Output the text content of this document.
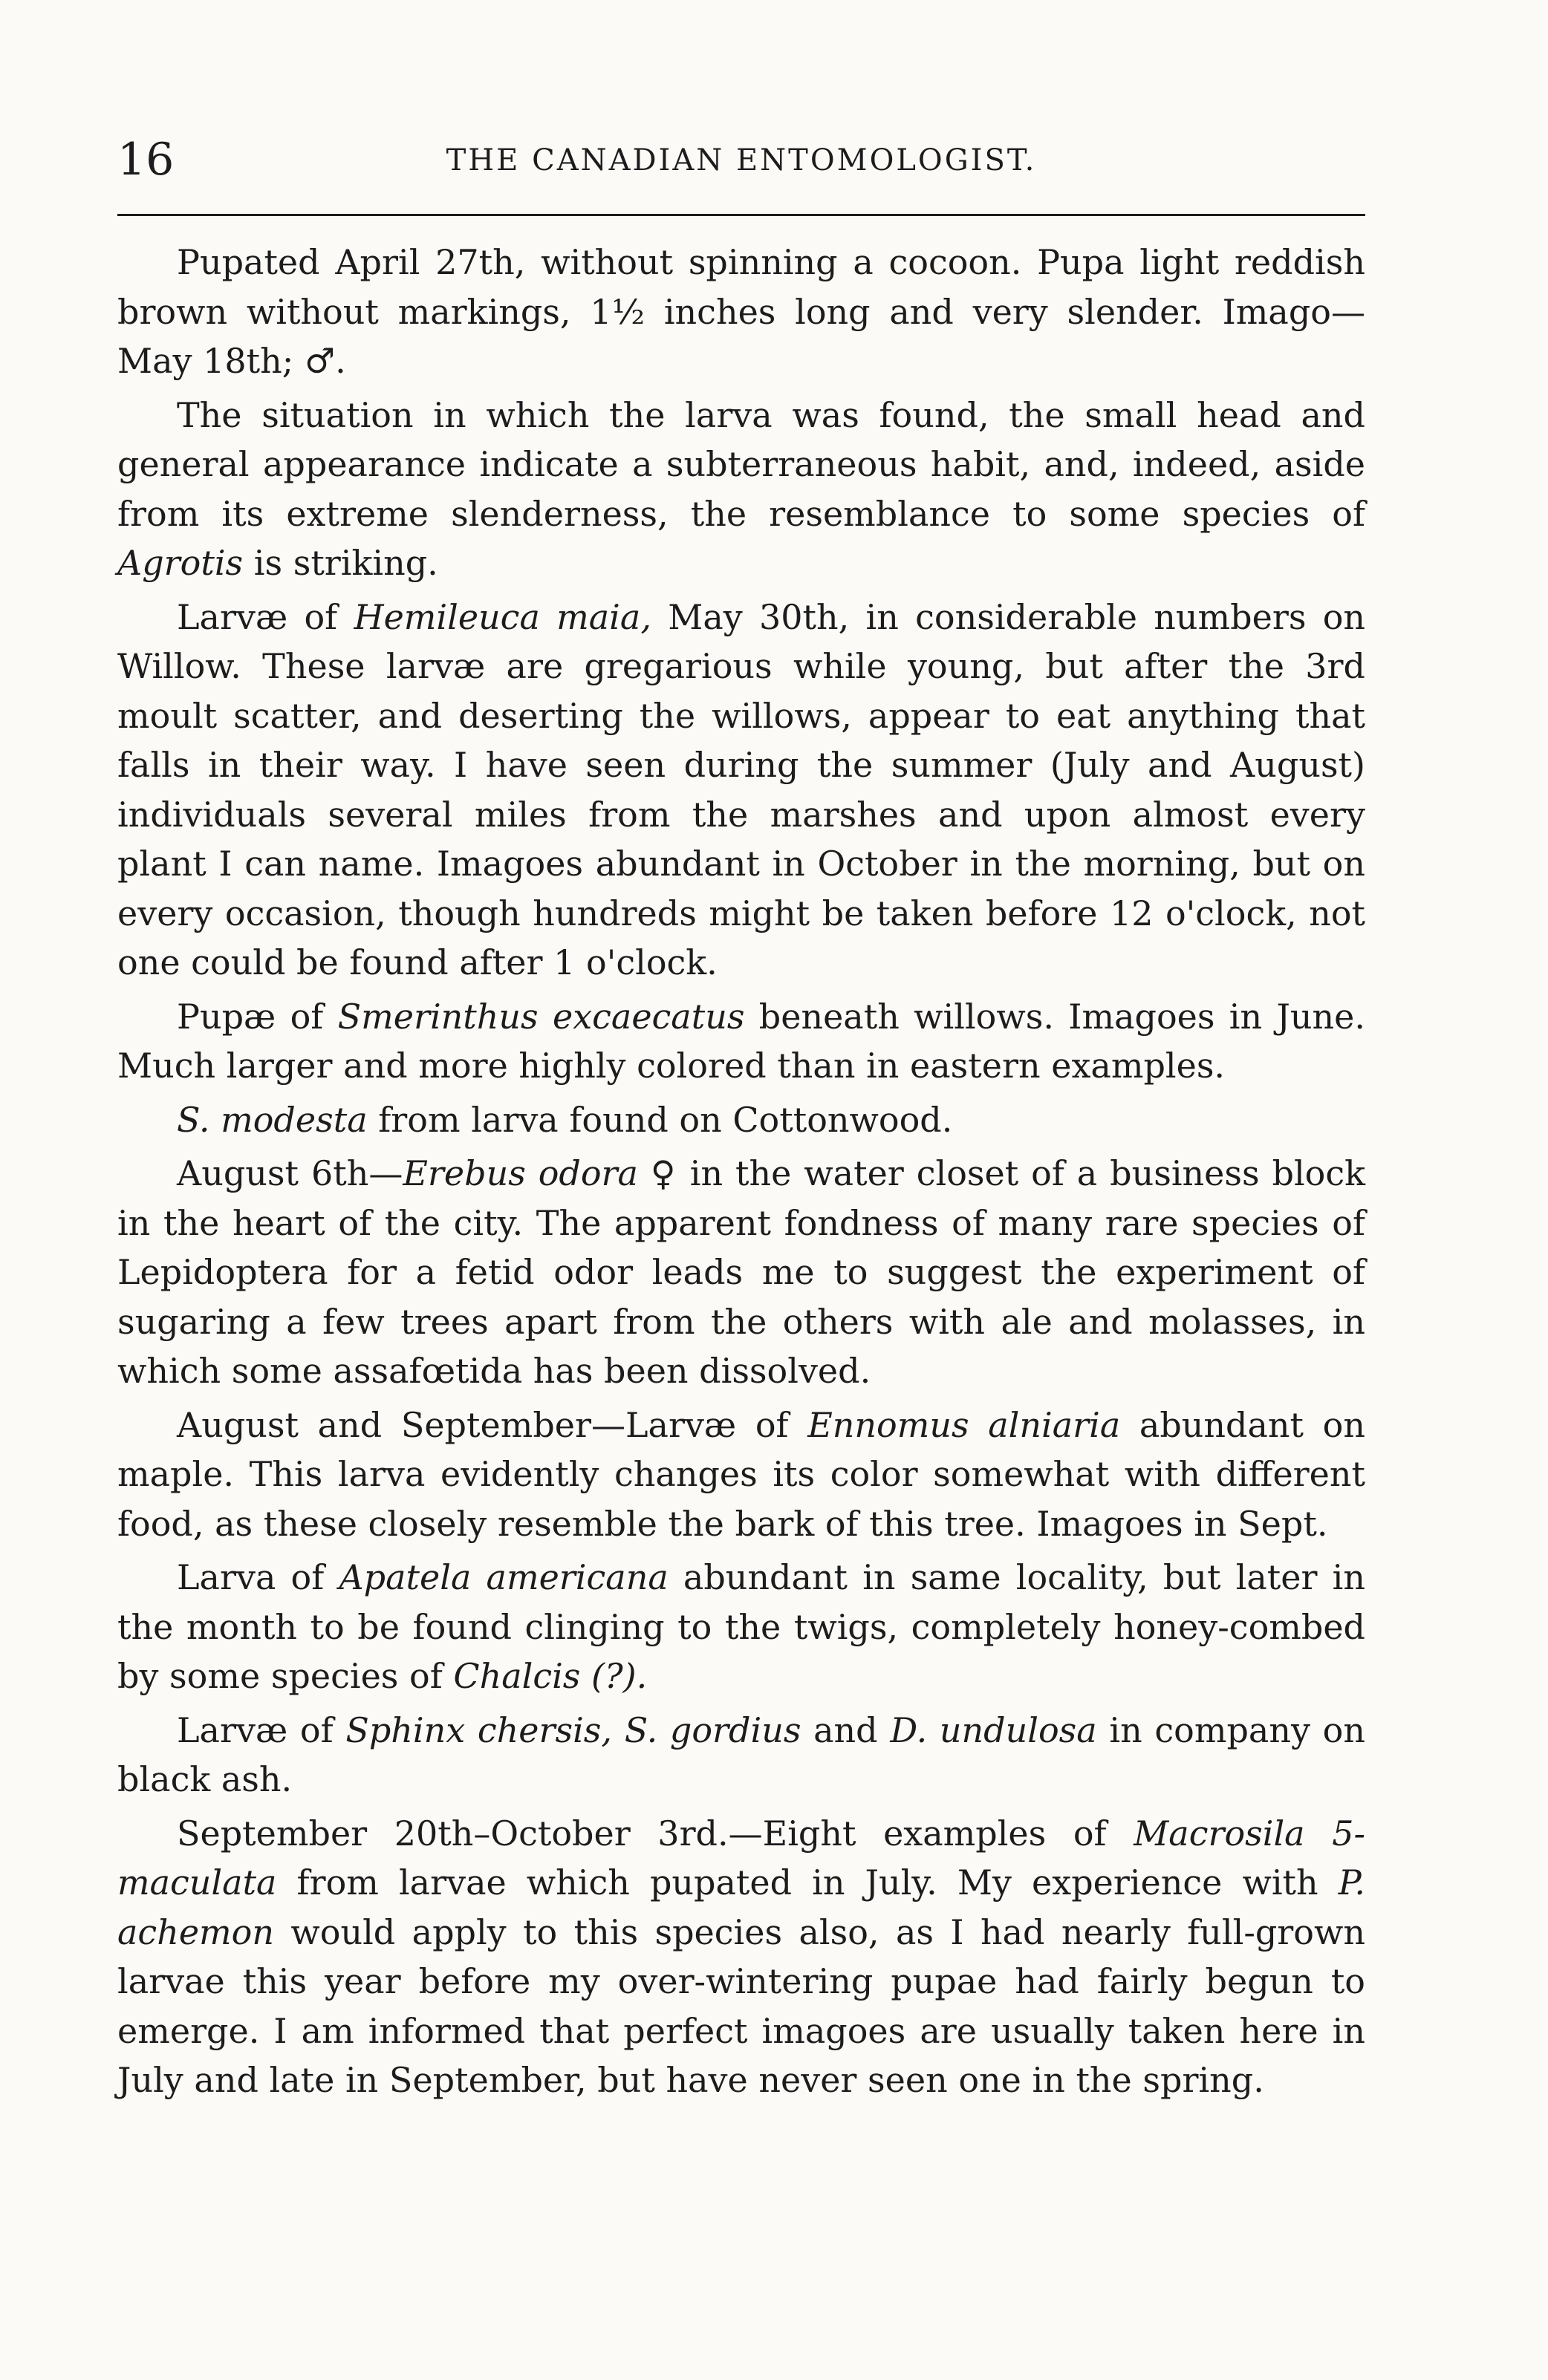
16	THE CANADIAN ENTOMOLOGIST.

Pupated April 27th, without spinning a cocoon. Pupa light reddish brown without markings, 1½ inches long and very slender. Imago—May 18th; ♂.

The situation in which the larva was found, the small head and general appearance indicate a subterraneous habit, and, indeed, aside from its extreme slenderness, the resemblance to some species of Agrotis is striking.

Larvæ of Hemileuca maia, May 30th, in considerable numbers on Willow. These larvæ are gregarious while young, but after the 3rd moult scatter, and deserting the willows, appear to eat anything that falls in their way. I have seen during the summer (July and August) individuals several miles from the marshes and upon almost every plant I can name. Imagoes abundant in October in the morning, but on every occasion, though hundreds might be taken before 12 o'clock, not one could be found after 1 o'clock.

Pupæ of Smerinthus excaecatus beneath willows. Imagoes in June. Much larger and more highly colored than in eastern examples.

S. modesta from larva found on Cottonwood.

August 6th—Erebus odora ♀ in the water closet of a business block in the heart of the city. The apparent fondness of many rare species of Lepidoptera for a fetid odor leads me to suggest the experiment of sugaring a few trees apart from the others with ale and molasses, in which some assafœtida has been dissolved.

August and September—Larvæ of Ennomus alniaria abundant on maple. This larva evidently changes its color somewhat with different food, as these closely resemble the bark of this tree. Imagoes in Sept.

Larva of Apatela americana abundant in same locality, but later in the month to be found clinging to the twigs, completely honey-combed by some species of Chalcis (?).

Larvæ of Sphinx chersis, S. gordius and D. undulosa in company on black ash.

September 20th–October 3rd.—Eight examples of Macrosila 5-maculata from larvae which pupated in July. My experience with P. achemon would apply to this species also, as I had nearly full-grown larvae this year before my over-wintering pupae had fairly begun to emerge. I am informed that perfect imagoes are usually taken here in July and late in September, but have never seen one in the spring.
